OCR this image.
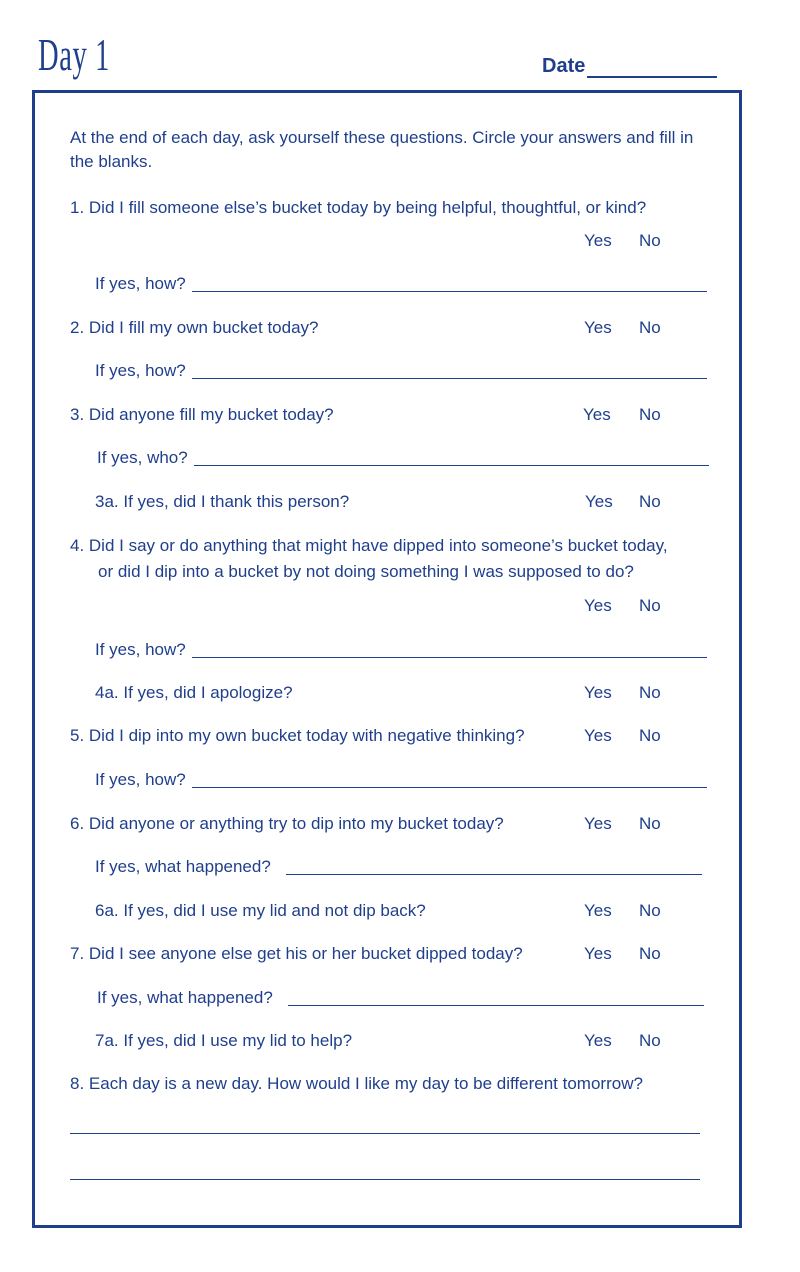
Day 1	Date
At the end of each day, ask yourself these questions. Circle your answers and fill in the blanks.
1. Did I fill someone else’s bucket today by being helpful, thoughtful, or kind?
Yes No
If yes, how?
2. Did I fill my own bucket today?	Yes No
If yes, how?
3. Did anyone fill my bucket today?	Yes No
If yes, who?
3a. If yes, did I thank this person?	Yes No
4. Did I say or do anything that might have dipped into someone’s bucket today,
or did I dip into a bucket by not doing something I was supposed to do?
Yes No
If yes, how?
4a. If yes, did I apologize?	Yes No
5. Did I dip into my own bucket today with negative thinking?	Yes No
If yes, how?
6. Did anyone or anything try to dip into my bucket today?	Yes No
If yes, what happened?
6a. If yes, did I use my lid and not dip back?	Yes No
7. Did I see anyone else get his or her bucket dipped today?	Yes No
If yes, what happened?
7a. If yes, did I use my lid to help?	Yes No
8. Each day is a new day. How would I like my day to be different tomorrow?
